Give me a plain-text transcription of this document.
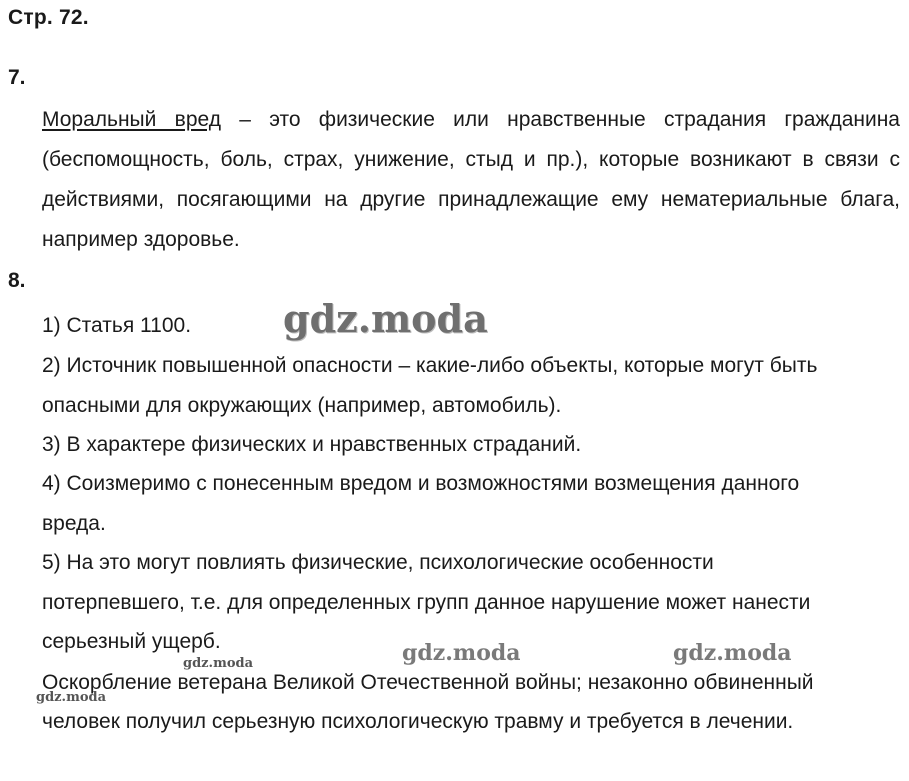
Стр. 72.
7.
Моральный вред – это физические или нравственные страдания гражданина (беспомощность, боль, страх, унижение, стыд и пр.), которые возникают в связи с действиями, посягающими на другие принадлежащие ему нематериальные блага, например здоровье.
8.
1) Статья 1100.
2) Источник повышенной опасности – какие-либо объекты, которые могут быть
опасными для окружающих (например, автомобиль).
3) В характере физических и нравственных страданий.
4) Соизмеримо с понесенным вредом и возможностями возмещения данного
вреда.
5) На это могут повлиять физические, психологические особенности
потерпевшего, т.е. для определенных групп данное нарушение может нанести
серьезный ущерб.
Оскорбление ветерана Великой Отечественной войны; незаконно обвиненный
человек получил серьезную психологическую травму и требуется в лечении.
gdz.moda
gdz.moda	gdz.moda
gdz.moda
gdz.moda
